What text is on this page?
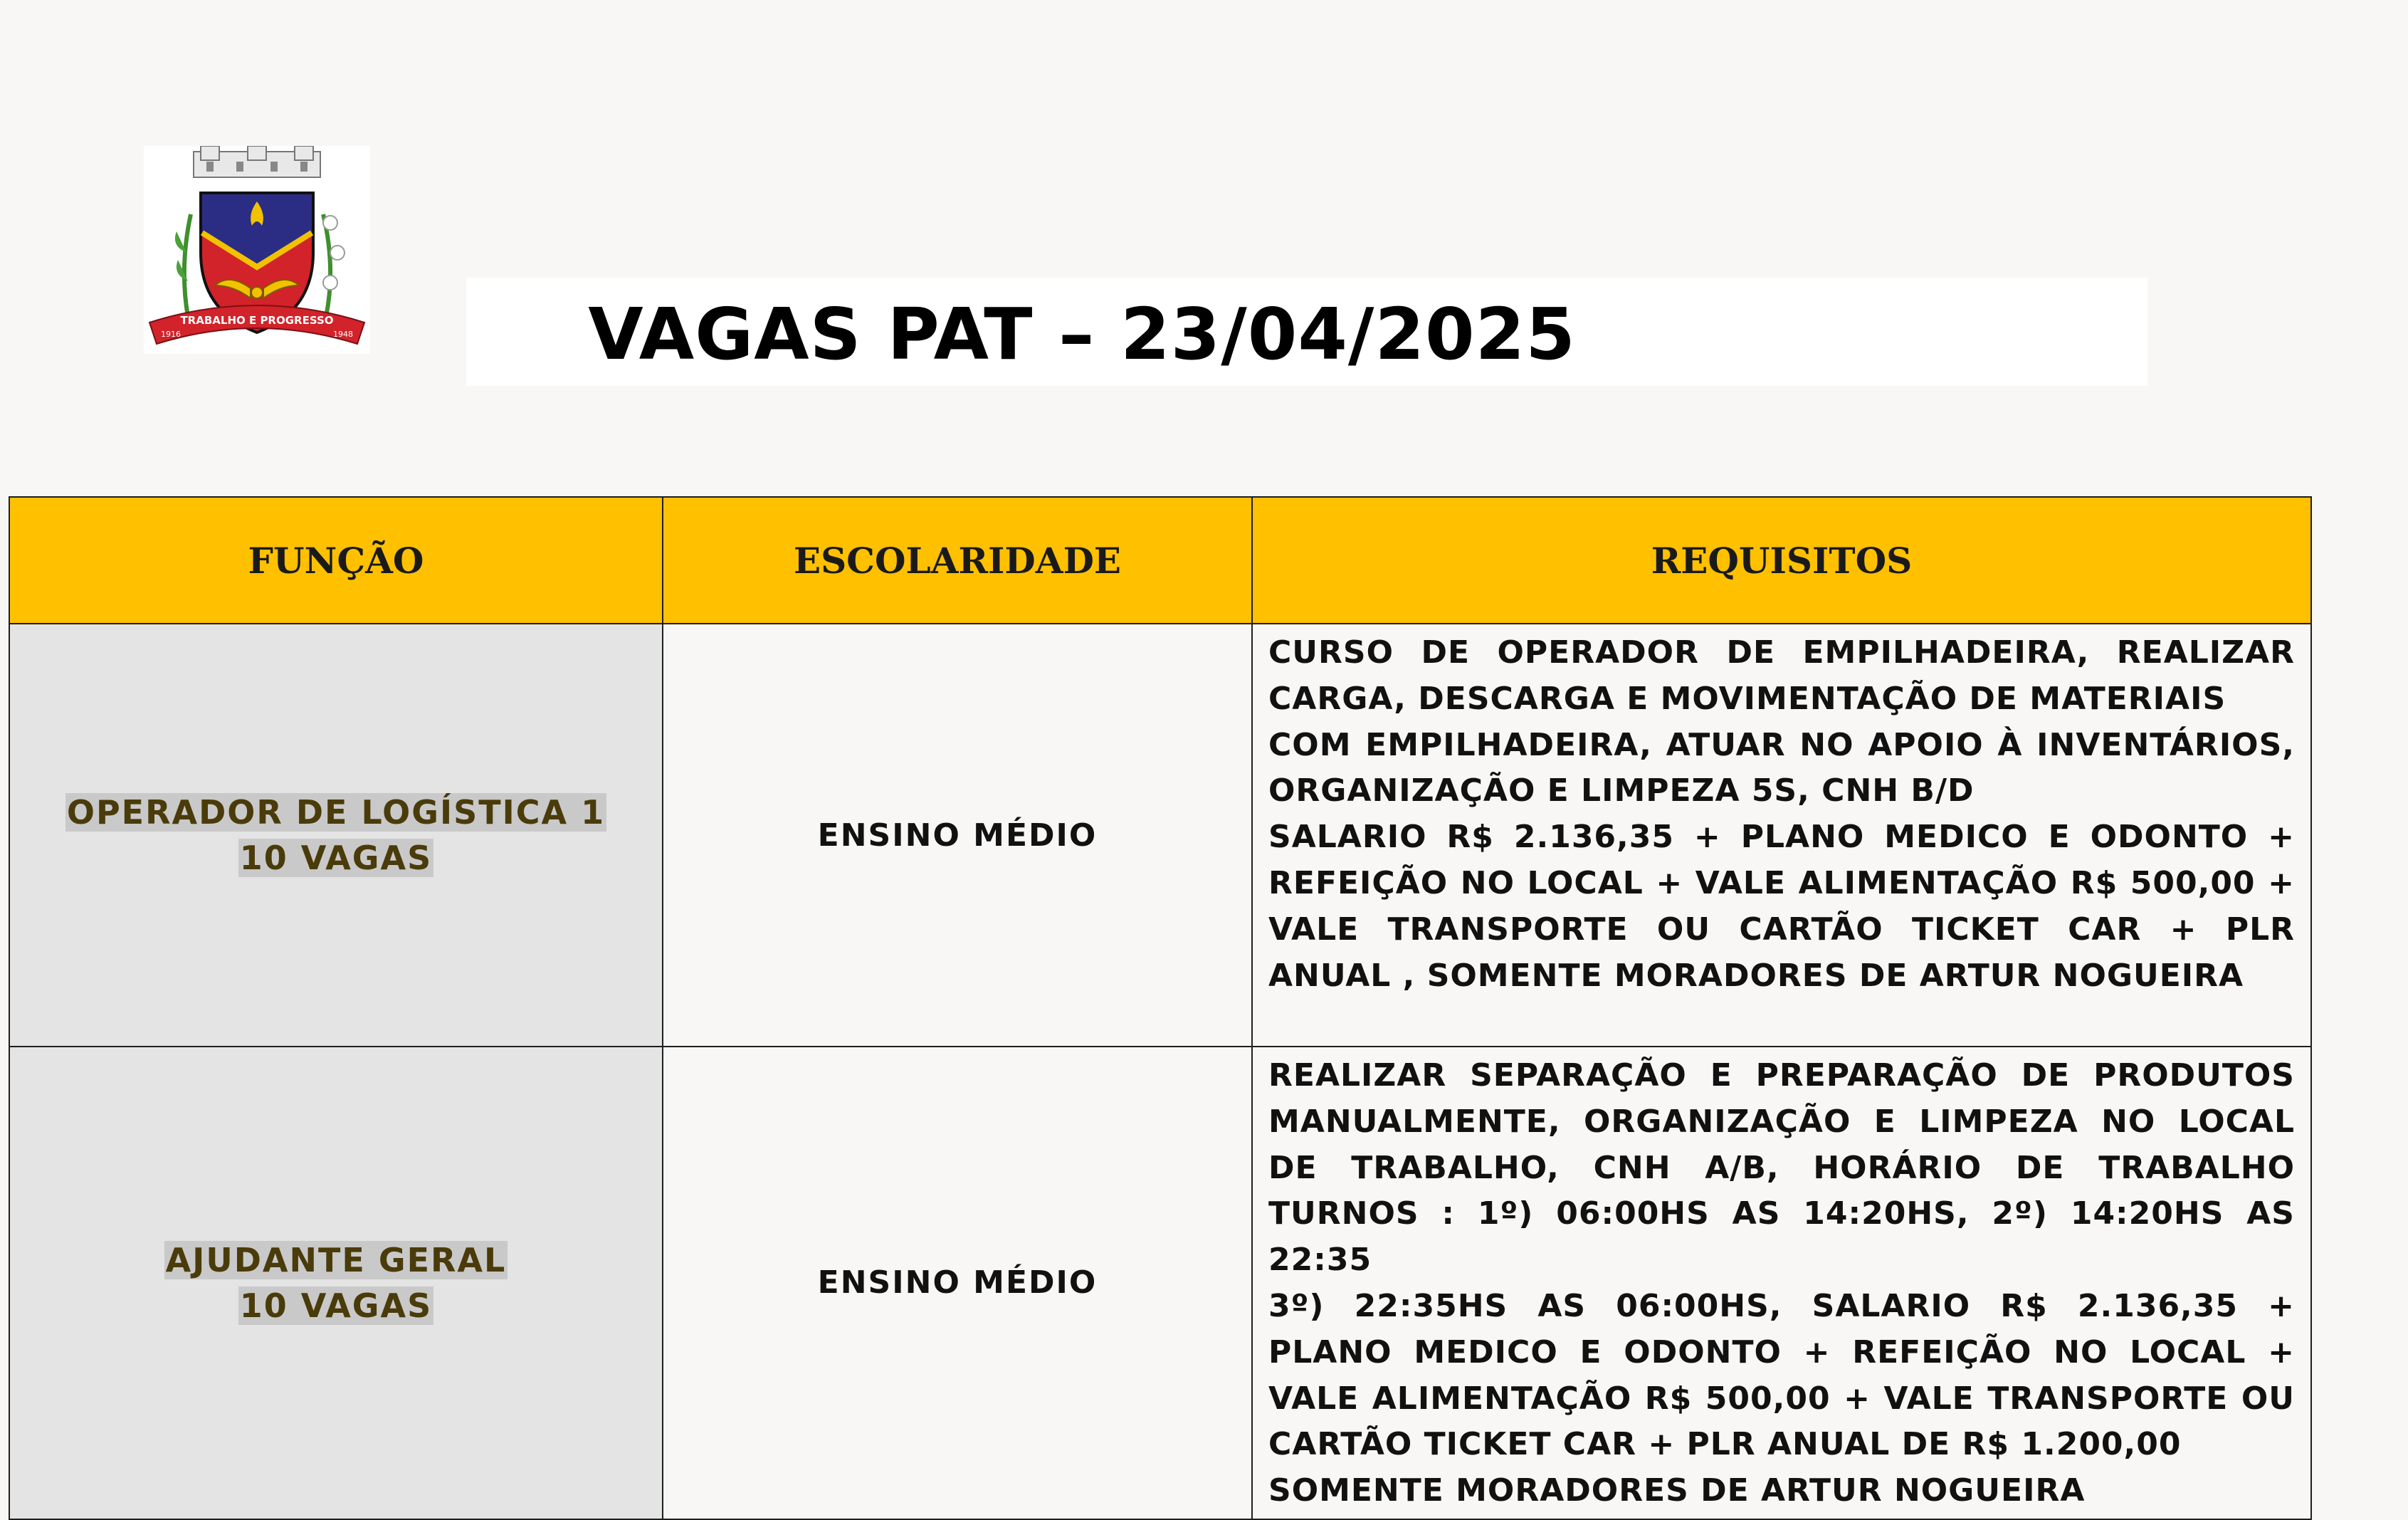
TRABALHO E PROGRESSO
1916	1948	VAGAS PAT – 23/04/2025
FUNÇÃO	ESCOLARIDADE	REQUISITOS
OPERADOR DE LOGÍSTICA 1
10 VAGAS	ENSINO MÉDIO	CURSO DE OPERADOR DE EMPILHADEIRA, REALIZAR CARGA, DESCARGA E MOVIMENTAÇÃO DE MATERIAIS
COM EMPILHADEIRA, ATUAR NO APOIO À INVENTÁRIOS, ORGANIZAÇÃO E LIMPEZA 5S, CNH B/D
SALARIO R$ 2.136,35 + PLANO MEDICO E ODONTO + REFEIÇÃO NO LOCAL + VALE ALIMENTAÇÃO R$ 500,00 + VALE TRANSPORTE OU CARTÃO TICKET CAR + PLR ANUAL , SOMENTE MORADORES DE ARTUR NOGUEIRA

AJUDANTE GERAL
10 VAGAS	ENSINO MÉDIO	REALIZAR SEPARAÇÃO E PREPARAÇÃO DE PRODUTOS MANUALMENTE, ORGANIZAÇÃO E LIMPEZA NO LOCAL DE TRABALHO, CNH A/B, HORÁRIO DE TRABALHO TURNOS : 1º) 06:00HS AS 14:20HS, 2º) 14:20HS AS 22:35
3º) 22:35HS AS 06:00HS, SALARIO R$ 2.136,35 + PLANO MEDICO E ODONTO + REFEIÇÃO NO LOCAL + VALE ALIMENTAÇÃO R$ 500,00 + VALE TRANSPORTE OU CARTÃO TICKET CAR + PLR ANUAL DE R$ 1.200,00
SOMENTE MORADORES DE ARTUR NOGUEIRA
